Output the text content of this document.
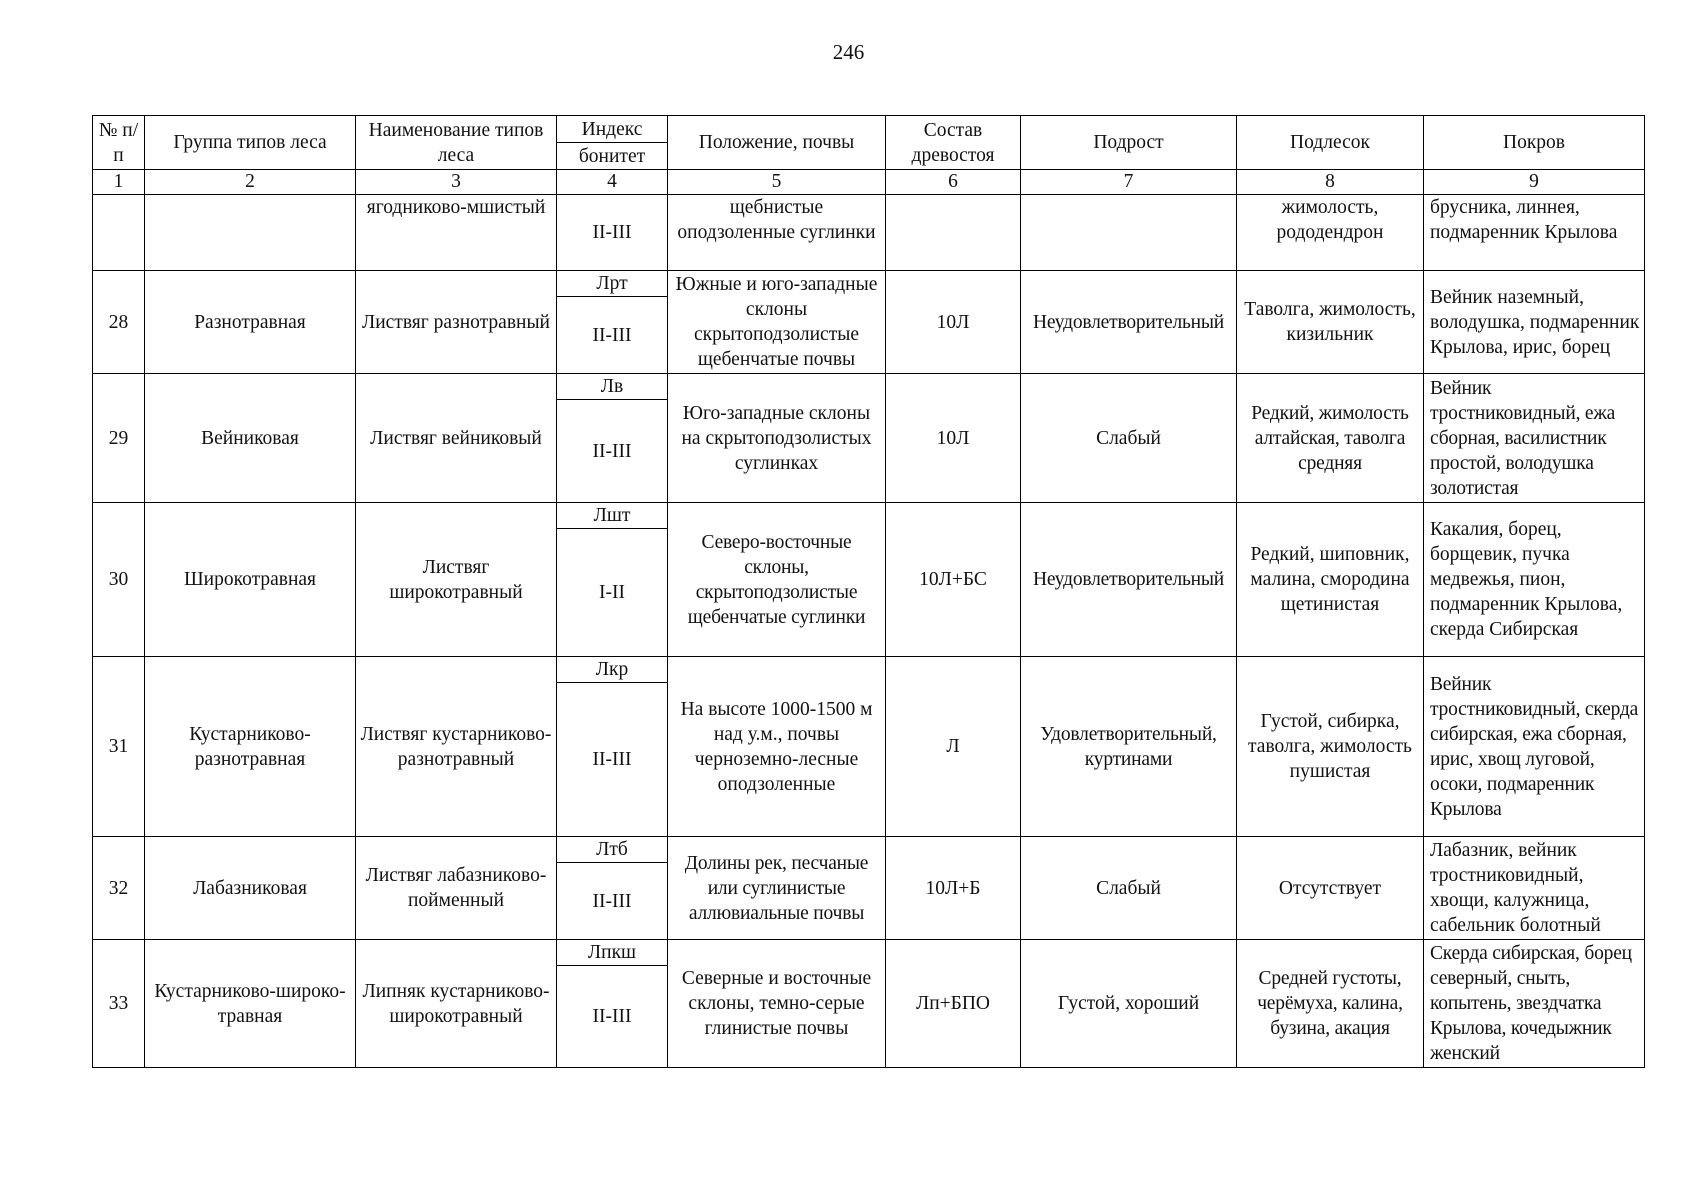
246
№ п/п	Группа типов леса	Наименование типов леса	Индекс	Положение, почвы	Состав древостоя	Подрост	Подлесок	Покров
			бонитет					
1	2	3	4	5	6	7	8	9
		ягодниково-мшистый	II-III	щебнистые оподзоленные суглинки			жимолость, рододендрон	брусника, линнея, подмаренник Крылова
28	Разнотравная	Листвяг разнотравный	Лрт	Южные и юго-западные склоны скрытоподзолистые щебенчатые почвы	10Л	Неудовлетворительный	Таволга, жимолость, кизильник	Вейник наземный, володушка, подмаренник Крылова, ирис, борец
			II-III					
29	Вейниковая	Листвяг вейниковый	Лв	Юго-западные склоны на скрытоподзолистых суглинках	10Л	Слабый	Редкий, жимолость алтайская, таволга средняя	Вейник тростниковидный, ежа сборная, василистник простой, володушка золотистая
			II-III					
30	Широкотравная	Листвяг широкотравный	Лшт	Северо-восточные склоны, скрытоподзолистые щебенчатые суглинки	10Л+БС	Неудовлетворительный	Редкий, шиповник, малина, смородина щетинистая	Какалия, борец, борщевик, пучка медвежья, пион, подмаренник Крылова, скерда Сибирская
			I-II					
31	Кустарниково-разнотравная	Листвяг кустарниково-разнотравный	Лкр	На высоте 1000-1500 м над у.м., почвы черноземно-лесные оподзоленные	Л	Удовлетворительный, куртинами	Густой, сибирка, таволга, жимолость пушистая	Вейник тростниковидный, скерда сибирская, ежа сборная, ирис, хвощ луговой, осоки, подмаренник Крылова
			II-III					
32	Лабазниковая	Листвяг лабазниково-пойменный	Лтб	Долины рек, песчаные или суглинистые аллювиальные почвы	10Л+Б	Слабый	Отсутствует	Лабазник, вейник тростниковидный, хвощи, калужница, сабельник болотный
			II-III					
33	Кустарниково-широко-травная	Липняк кустарниково-широкотравный	Лпкш	Северные и восточные склоны, темно-серые глинистые почвы	Лп+БПО	Густой, хороший	Средней густоты, черёмуха, калина, бузина, акация	Скерда сибирская, борец северный, сныть, копытень, звездчатка Крылова, кочедыжник женский
			II-III					
